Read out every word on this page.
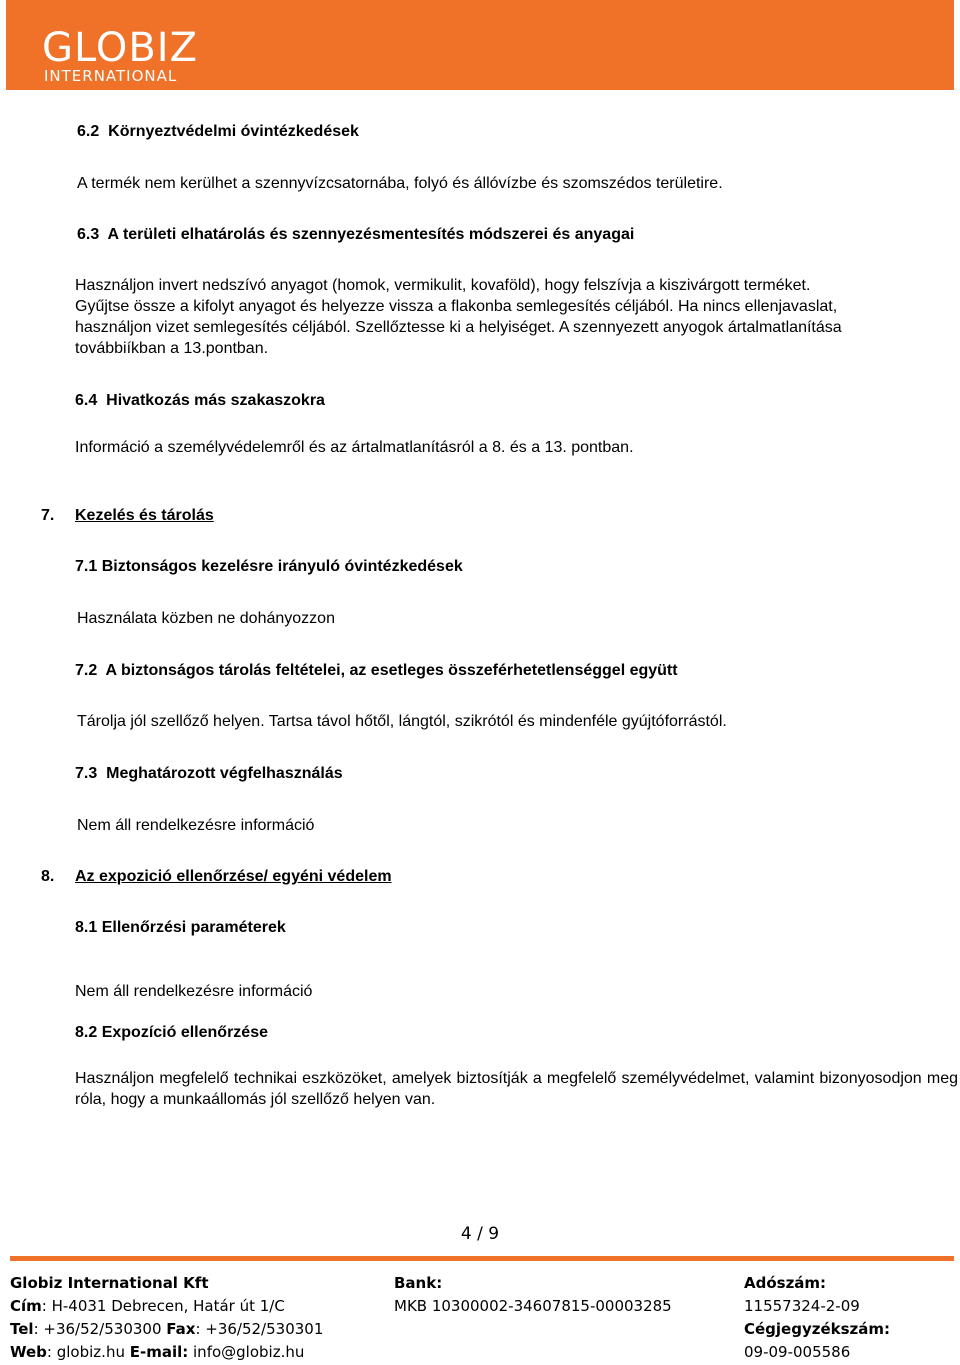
GLOBIZ
INTERNATIONAL
6.2 Környeztvédelmi óvintézkedések
A termék nem kerülhet a szennyvízcsatornába, folyó és állóvízbe és szomszédos területire.
6.3 A területi elhatárolás és szennyezésmentesítés módszerei és anyagai
Használjon invert nedszívó anyagot (homok, vermikulit, kovaföld), hogy felszívja a kiszivárgott terméket.
Gyűjtse össze a kifolyt anyagot és helyezze vissza a flakonba semlegesítés céljából. Ha nincs ellenjavaslat,
használjon vizet semlegesítés céljából. Szellőztesse ki a helyiséget. A szennyezett anyogok ártalmatlanítása
továbbiíkban a 13.pontban.
6.4 Hivatkozás más szakaszokra
Információ a személyvédelemről és az ártalmatlanításról a 8. és a 13. pontban.
7. Kezelés és tárolás
7.1 Biztonságos kezelésre irányuló óvintézkedések
Használata közben ne dohányozzon
7.2 A biztonságos tárolás feltételei, az esetleges összeférhetetlenséggel együtt
Tárolja jól szellőző helyen. Tartsa távol hőtől, lángtól, szikrótól és mindenféle gyújtóforrástól.
7.3 Meghatározott végfelhasználás
Nem áll rendelkezésre információ
8. Az expozició ellenőrzése/ egyéni védelem
8.1 Ellenőrzési paraméterek
Nem áll rendelkezésre információ
8.2 Expozíció ellenőrzése
Használjon megfelelő technikai eszközöket, amelyek biztosítják a megfelelő személyvédelmet, valamint bizonyosodjon meg róla, hogy a munkaállomás jól szellőző helyen van.
4 / 9
Globiz International Kft
Cím: H-4031 Debrecen, Határ út 1/C
Tel: +36/52/530300 Fax: +36/52/530301
Web: globiz.hu E-mail: info@globiz.hu
Bank:
MKB 10300002-34607815-00003285
Adószám:
11557324-2-09
Cégjegyzékszám:
09-09-005586
